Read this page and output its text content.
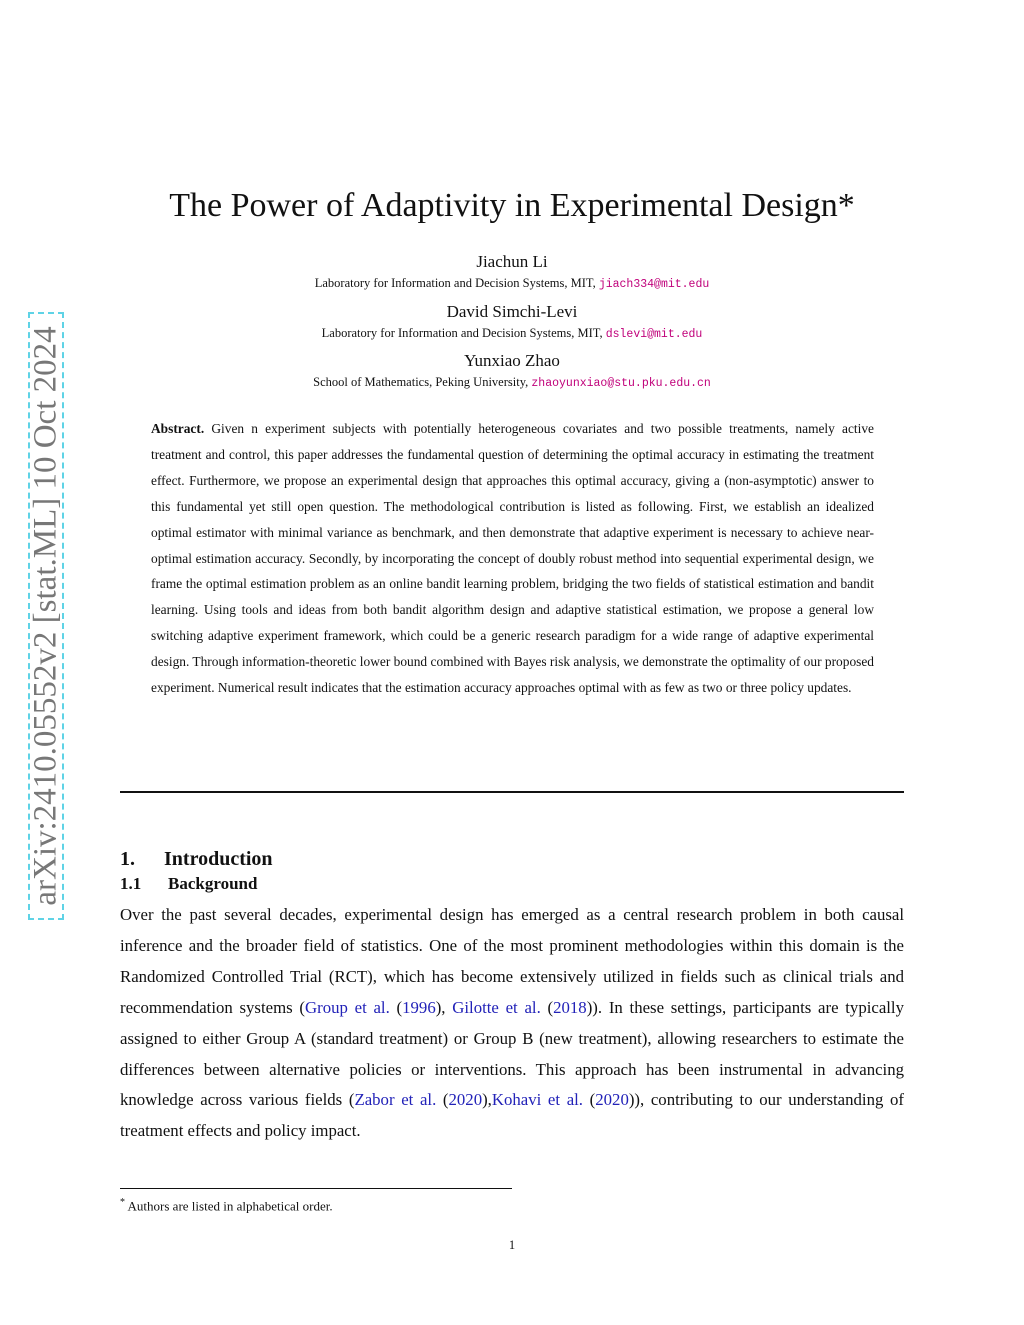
arXiv:2410.05552v2 [stat.ML] 10 Oct 2024
The Power of Adaptivity in Experimental Design*
Jiachun Li
Laboratory for Information and Decision Systems, MIT, jiach334@mit.edu
David Simchi-Levi
Laboratory for Information and Decision Systems, MIT, dslevi@mit.edu
Yunxiao Zhao
School of Mathematics, Peking University, zhaoyunxiao@stu.pku.edu.cn
Abstract. Given n experiment subjects with potentially heterogeneous covariates and two possible treatments, namely active treatment and control, this paper addresses the fundamental question of determining the optimal accuracy in estimating the treatment effect. Furthermore, we propose an experimental design that approaches this optimal accuracy, giving a (non-asymptotic) answer to this fundamental yet still open question. The methodological contribution is listed as following. First, we establish an idealized optimal estimator with minimal variance as benchmark, and then demonstrate that adaptive experiment is necessary to achieve near-optimal estimation accuracy. Secondly, by incorporating the concept of doubly robust method into sequential experimental design, we frame the optimal estimation problem as an online bandit learning problem, bridging the two fields of statistical estimation and bandit learning. Using tools and ideas from both bandit algorithm design and adaptive statistical estimation, we propose a general low switching adaptive experiment framework, which could be a generic research paradigm for a wide range of adaptive experimental design. Through information-theoretic lower bound combined with Bayes risk analysis, we demonstrate the optimality of our proposed experiment. Numerical result indicates that the estimation accuracy approaches optimal with as few as two or three policy updates.
1. Introduction
1.1 Background
Over the past several decades, experimental design has emerged as a central research problem in both causal inference and the broader field of statistics. One of the most prominent methodologies within this domain is the Randomized Controlled Trial (RCT), which has become extensively utilized in fields such as clinical trials and recommendation systems (Group et al. (1996), Gilotte et al. (2018)). In these settings, participants are typically assigned to either Group A (standard treatment) or Group B (new treatment), allowing researchers to estimate the differences between alternative policies or interventions. This approach has been instrumental in advancing knowledge across various fields (Zabor et al. (2020),Kohavi et al. (2020)), contributing to our understanding of treatment effects and policy impact.
* Authors are listed in alphabetical order.
1
